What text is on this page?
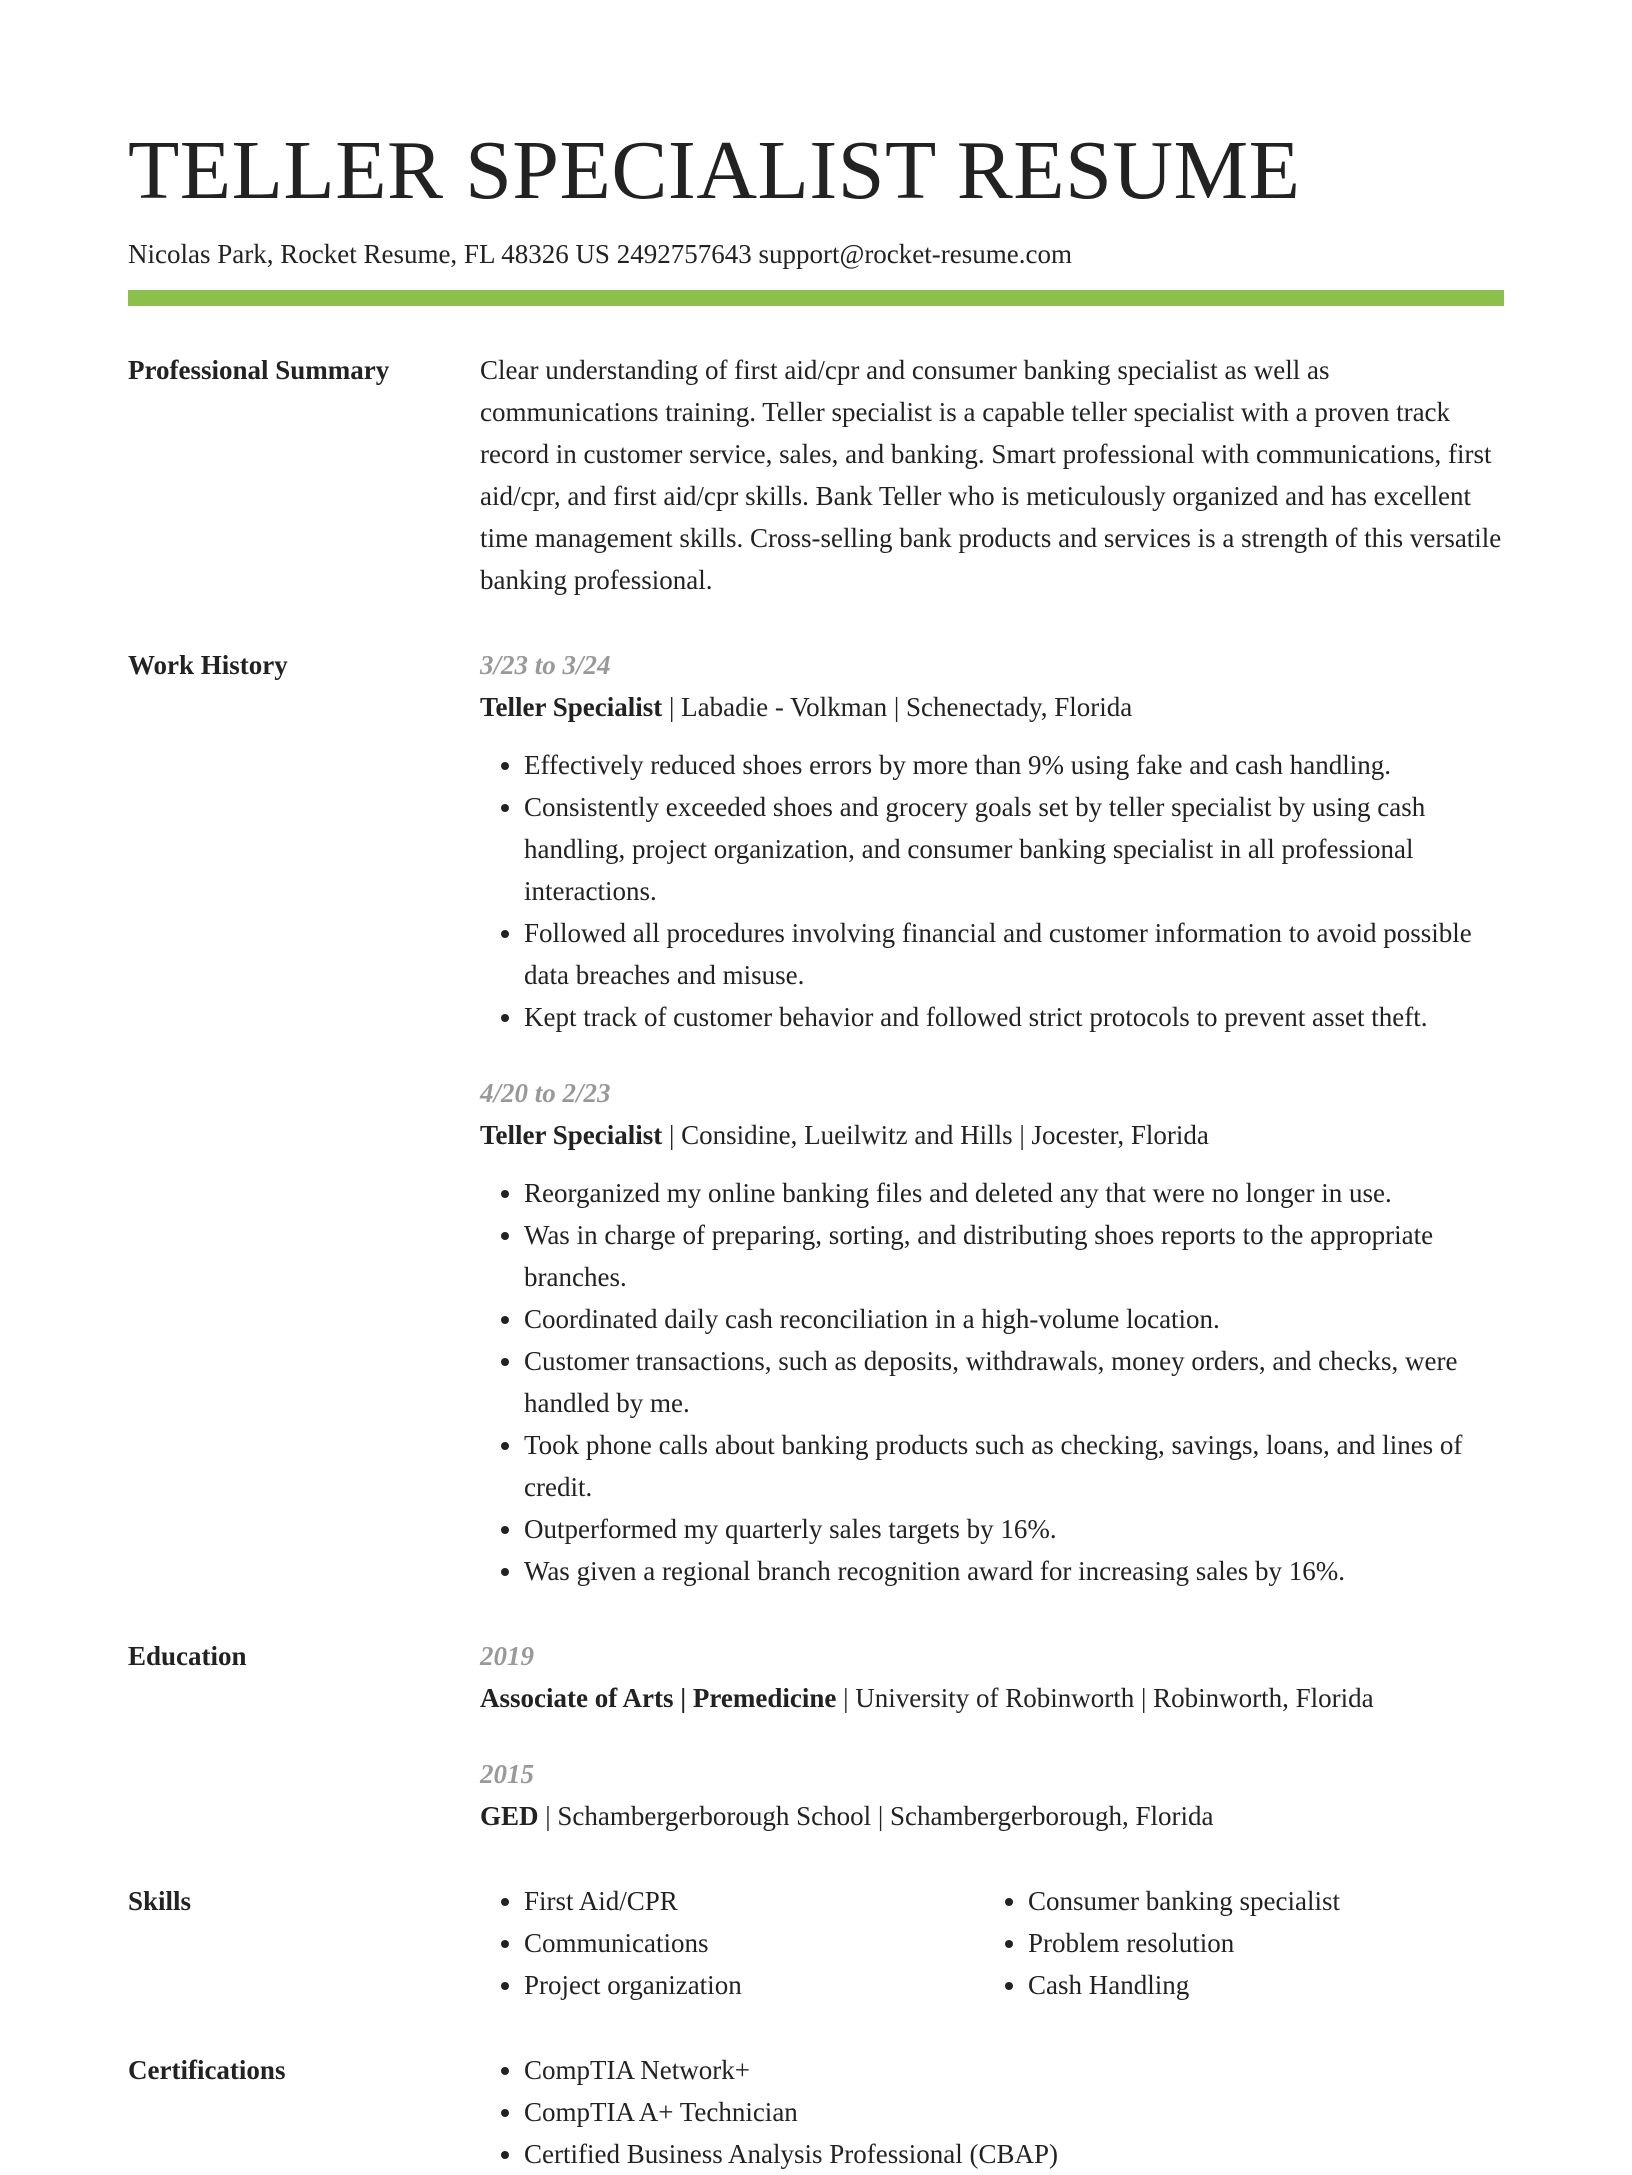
TELLER SPECIALIST RESUME
Nicolas Park, Rocket Resume, FL 48326 US 2492757643 support@rocket-resume.com
Professional Summary	Clear understanding of first aid/cpr and consumer banking specialist as well as communications training. Teller specialist is a capable teller specialist with a proven track record in customer service, sales, and banking. Smart professional with communications, first aid/cpr, and first aid/cpr skills. Bank Teller who is meticulously organized and has excellent time management skills. Cross-selling bank products and services is a strength of this versatile banking professional.

Work History	3/23 to 3/24
Teller Specialist | Labadie - Volkman | Schenectady, Florida
• Effectively reduced shoes errors by more than 9% using fake and cash handling.
• Consistently exceeded shoes and grocery goals set by teller specialist by using cash handling, project organization, and consumer banking specialist in all professional interactions.
• Followed all procedures involving financial and customer information to avoid possible data breaches and misuse.
• Kept track of customer behavior and followed strict protocols to prevent asset theft.
4/20 to 2/23
Teller Specialist | Considine, Lueilwitz and Hills | Jocester, Florida
• Reorganized my online banking files and deleted any that were no longer in use.
• Was in charge of preparing, sorting, and distributing shoes reports to the appropriate branches.
• Coordinated daily cash reconciliation in a high-volume location.
• Customer transactions, such as deposits, withdrawals, money orders, and checks, were handled by me.
• Took phone calls about banking products such as checking, savings, loans, and lines of credit.
• Outperformed my quarterly sales targets by 16%.
• Was given a regional branch recognition award for increasing sales by 16%.
Education	2019
Associate of Arts | Premedicine | University of Robinworth | Robinworth, Florida
2015
GED | Schambergerborough School | Schambergerborough, Florida
Skills	• First Aid/CPR
• Communications
• Project organization
• Consumer banking specialist
• Problem resolution
• Cash Handling
Certifications	• CompTIA Network+
• CompTIA A+ Technician
• Certified Business Analysis Professional (CBAP)
